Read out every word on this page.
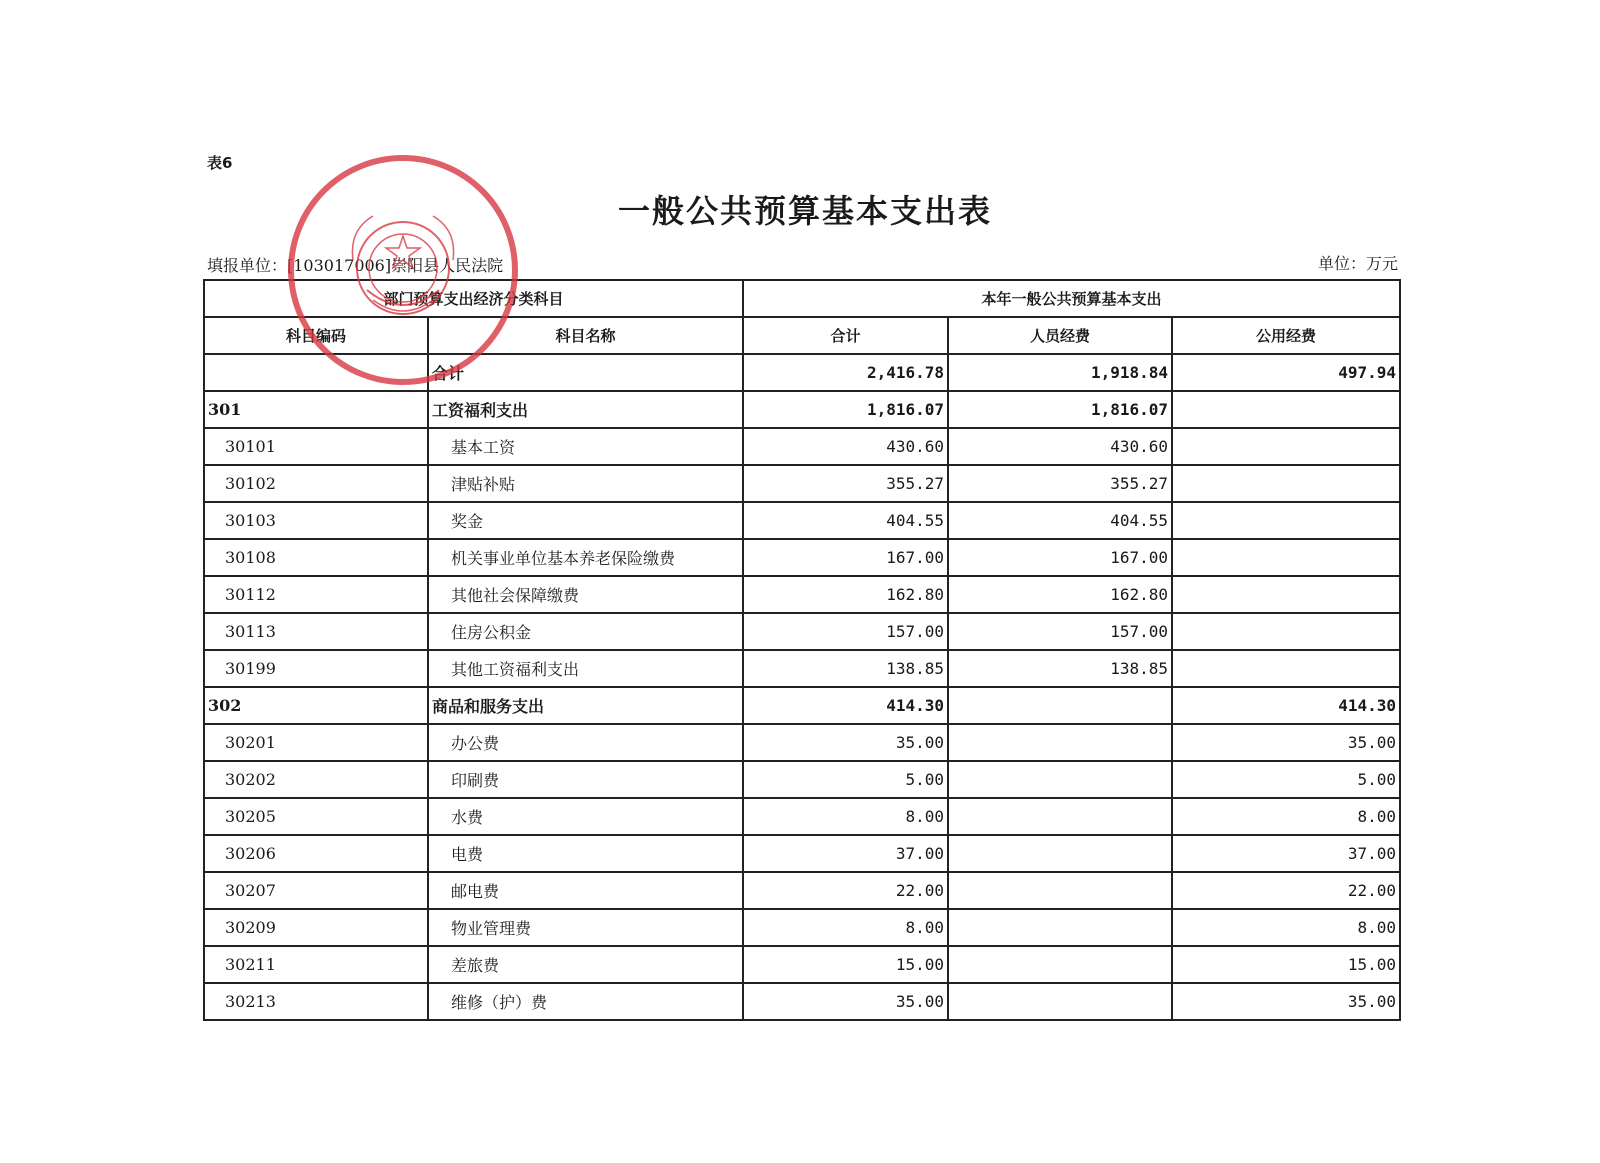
表6
一般公共预算基本支出表
填报单位：[103017006]崇阳县人民法院	单位：万元
部门预算支出经济分类科目		本年一般公共预算基本支出		
科目编码	科目名称	合计	人员经费	公用经费
	合计	2,416.78	1,918.84	497.94
301	工资福利支出	1,816.07	1,816.07	
30101	基本工资	430.60	430.60	
30102	津贴补贴	355.27	355.27	
30103	奖金	404.55	404.55	
30108	机关事业单位基本养老保险缴费	167.00	167.00	
30112	其他社会保障缴费	162.80	162.80	
30113	住房公积金	157.00	157.00	
30199	其他工资福利支出	138.85	138.85	
302	商品和服务支出	414.30		414.30
30201	办公费	35.00		35.00
30202	印刷费	5.00		5.00
30205	水费	8.00		8.00
30206	电费	37.00		37.00
30207	邮电费	22.00		22.00
30209	物业管理费	8.00		8.00
30211	差旅费	15.00		15.00
30213	维修（护）费	35.00		35.00
